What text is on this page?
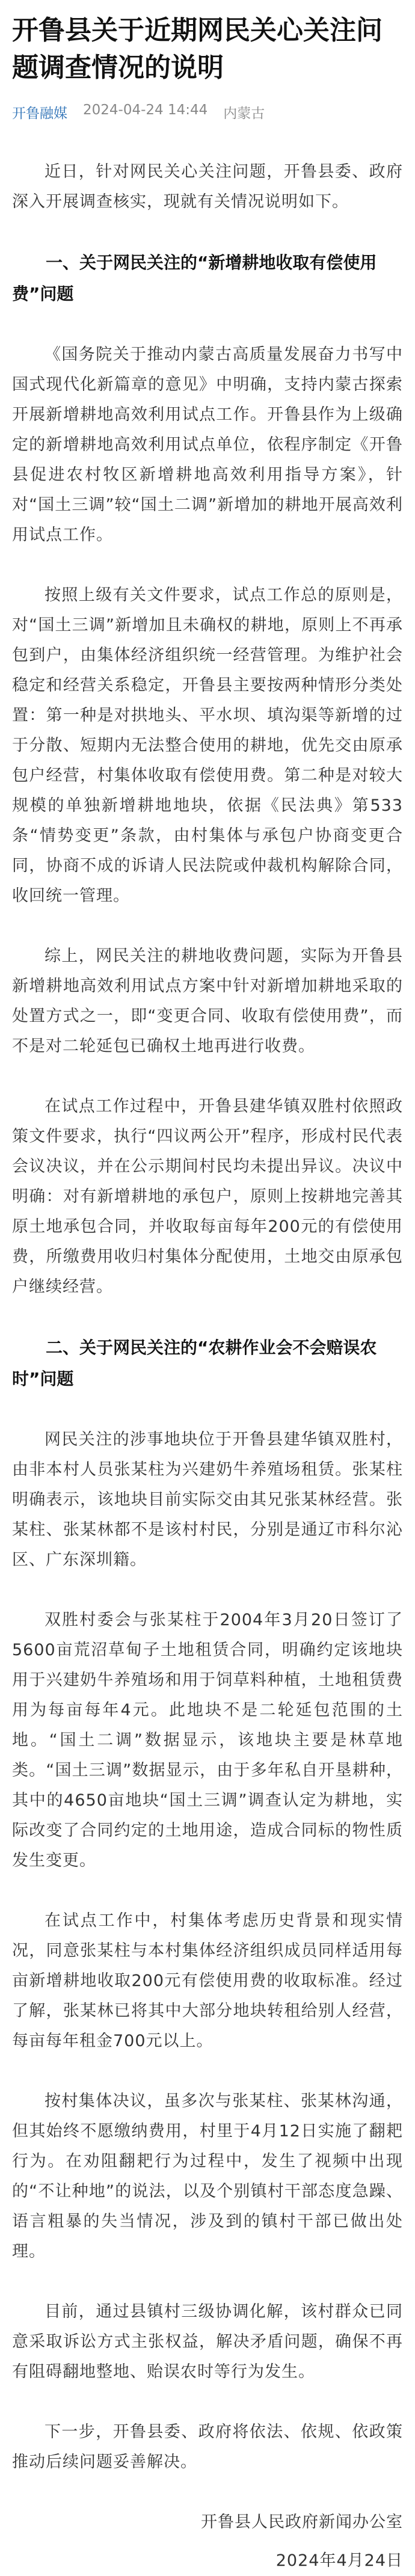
开鲁县关于近期网民关心关注问题调查情况的说明
开鲁融媒 2024-04-24 14:44 内蒙古

近日，针对网民关心关注问题，开鲁县委、政府深入开展调查核实，现就有关情况说明如下。

一、关于网民关注的“新增耕地收取有偿使用费”问题

《国务院关于推动内蒙古高质量发展奋力书写中国式现代化新篇章的意见》中明确，支持内蒙古探索开展新增耕地高效利用试点工作。开鲁县作为上级确定的新增耕地高效利用试点单位，依程序制定《开鲁县促进农村牧区新增耕地高效利用指导方案》，针对“国土三调”较“国土二调”新增加的耕地开展高效利用试点工作。

按照上级有关文件要求，试点工作总的原则是，对“国土三调”新增加且未确权的耕地，原则上不再承包到户，由集体经济组织统一经营管理。为维护社会稳定和经营关系稳定，开鲁县主要按两种情形分类处置：第一种是对拱地头、平水坝、填沟渠等新增的过于分散、短期内无法整合使用的耕地，优先交由原承包户经营，村集体收取有偿使用费。第二种是对较大规模的单独新增耕地地块，依据《民法典》第533条“情势变更”条款，由村集体与承包户协商变更合同，协商不成的诉请人民法院或仲裁机构解除合同，收回统一管理。

综上，网民关注的耕地收费问题，实际为开鲁县新增耕地高效利用试点方案中针对新增加耕地采取的处置方式之一，即“变更合同、收取有偿使用费”，而不是对二轮延包已确权土地再进行收费。

在试点工作过程中，开鲁县建华镇双胜村依照政策文件要求，执行“四议两公开”程序，形成村民代表会议决议，并在公示期间村民均未提出异议。决议中明确：对有新增耕地的承包户，原则上按耕地完善其原土地承包合同，并收取每亩每年200元的有偿使用费，所缴费用收归村集体分配使用，土地交由原承包户继续经营。

二、关于网民关注的“农耕作业会不会赔误农时”问题

网民关注的涉事地块位于开鲁县建华镇双胜村，由非本村人员张某柱为兴建奶牛养殖场租赁。张某柱明确表示，该地块目前实际交由其兄张某林经营。张某柱、张某林都不是该村村民，分别是通辽市科尔沁区、广东深圳籍。

双胜村委会与张某柱于2004年3月20日签订了5600亩荒沼草甸子土地租赁合同，明确约定该地块用于兴建奶牛养殖场和用于饲草料种植，土地租赁费用为每亩每年4元。此地块不是二轮延包范围的土地。“国土二调”数据显示，该地块主要是林草地类。“国土三调”数据显示，由于多年私自开垦耕种，其中的4650亩地块“国土三调”调查认定为耕地，实际改变了合同约定的土地用途，造成合同标的物性质发生变更。

在试点工作中，村集体考虑历史背景和现实情况，同意张某柱与本村集体经济组织成员同样适用每亩新增耕地收取200元有偿使用费的收取标准。经过了解，张某林已将其中大部分地块转租给别人经营，每亩每年租金700元以上。

按村集体决议，虽多次与张某柱、张某林沟通，但其始终不愿缴纳费用，村里于4月12日实施了翻耙行为。在劝阻翻耙行为过程中，发生了视频中出现的“不让种地”的说法，以及个别镇村干部态度急躁、语言粗暴的失当情况，涉及到的镇村干部已做出处理。

目前，通过县镇村三级协调化解，该村群众已同意采取诉讼方式主张权益，解决矛盾问题，确保不再有阻碍翻地整地、贻误农时等行为发生。

下一步，开鲁县委、政府将依法、依规、依政策推动后续问题妥善解决。

开鲁县人民政府新闻办公室

2024年4月24日
